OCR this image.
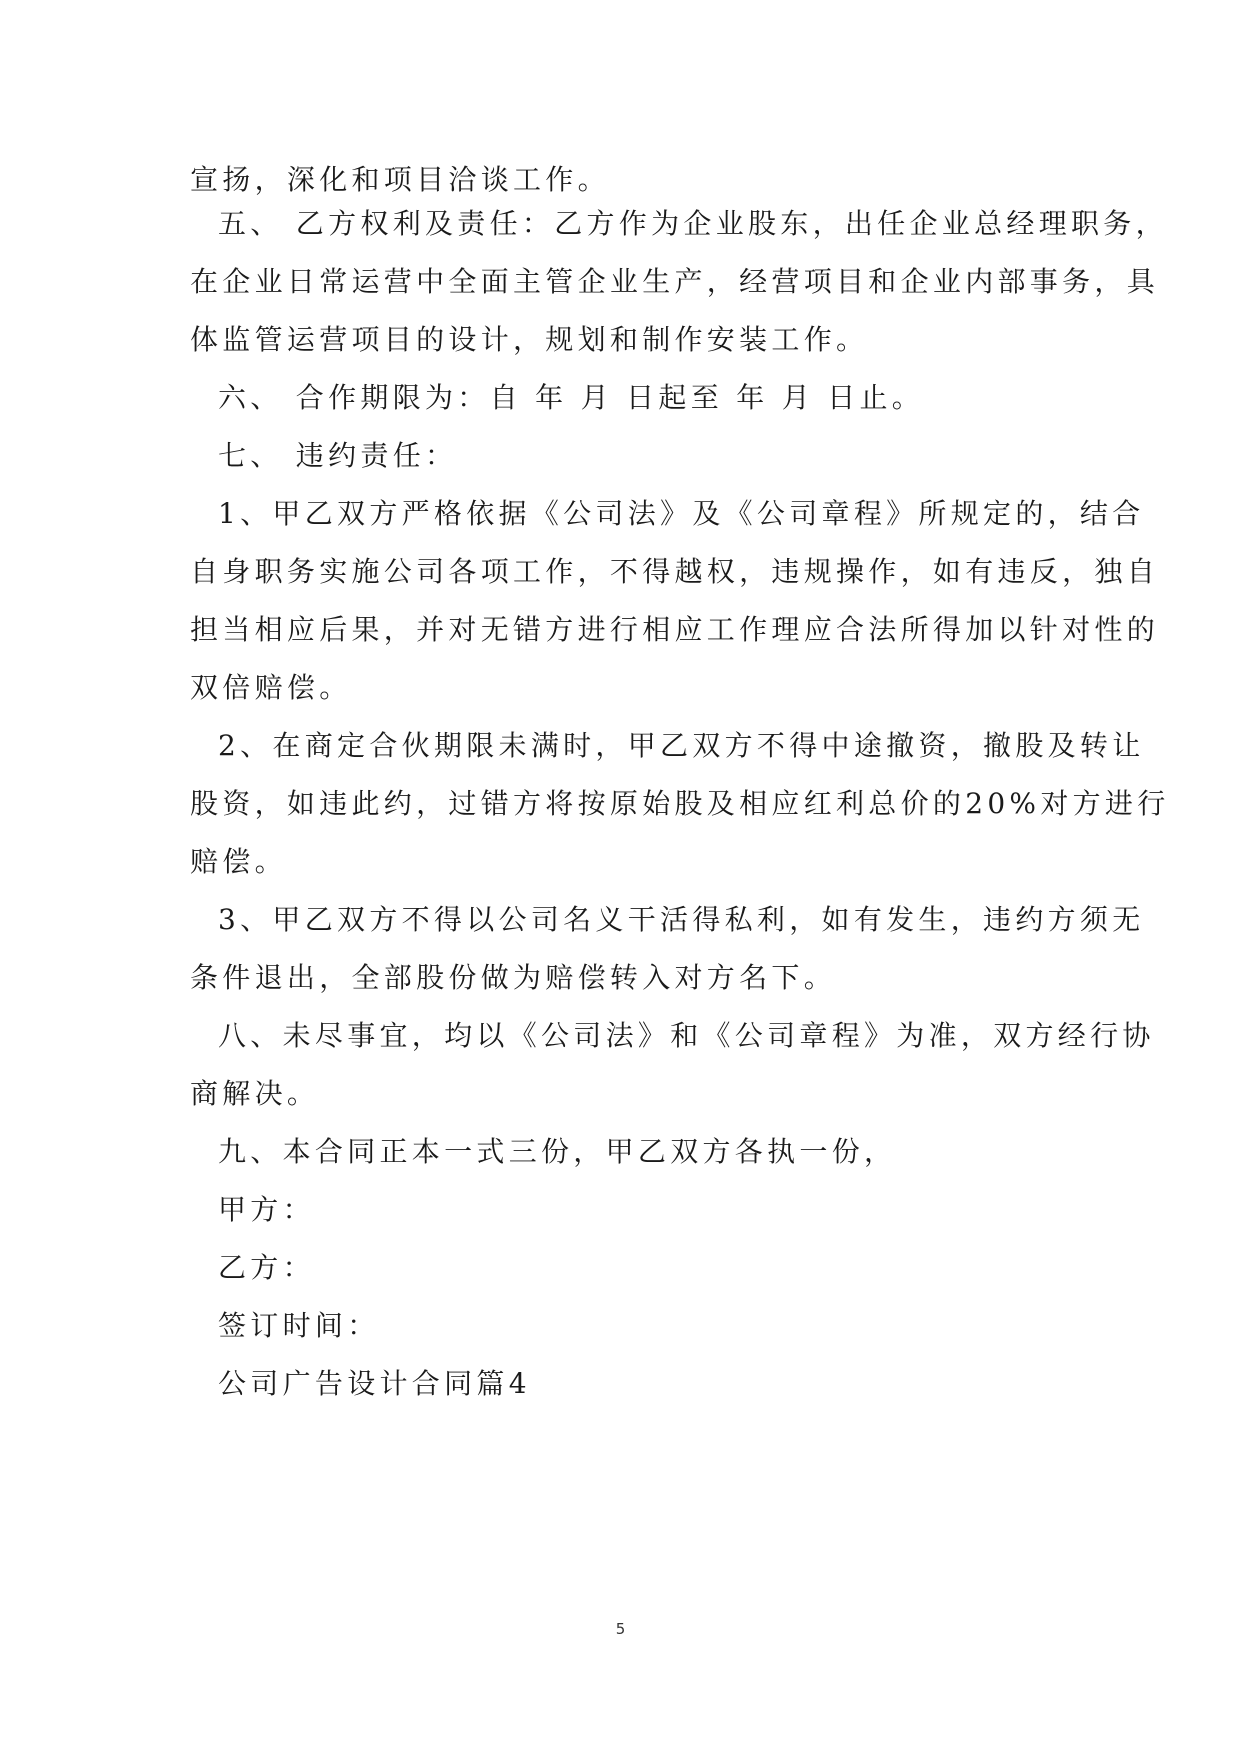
宣扬，深化和项目洽谈工作。
五、 乙方权利及责任：乙方作为企业股东，出任企业总经理职务，
在企业日常运营中全面主管企业生产，经营项目和企业内部事务，具
体监管运营项目的设计，规划和制作安装工作。
六、 合作期限为：自 年 月 日起至 年 月 日止。
七、 违约责任：
1、甲乙双方严格依据《公司法》及《公司章程》所规定的，结合
自身职务实施公司各项工作，不得越权，违规操作，如有违反，独自
担当相应后果，并对无错方进行相应工作理应合法所得加以针对性的
双倍赔偿。
2、在商定合伙期限未满时，甲乙双方不得中途撤资，撤股及转让
股资，如违此约，过错方将按原始股及相应红利总价的20%对方进行
赔偿。
3、甲乙双方不得以公司名义干活得私利，如有发生，违约方须无
条件退出，全部股份做为赔偿转入对方名下。
八、未尽事宜，均以《公司法》和《公司章程》为准，双方经行协
商解决。
九、本合同正本一式三份，甲乙双方各执一份，
甲方：
乙方：
签订时间：
公司广告设计合同篇4
5
